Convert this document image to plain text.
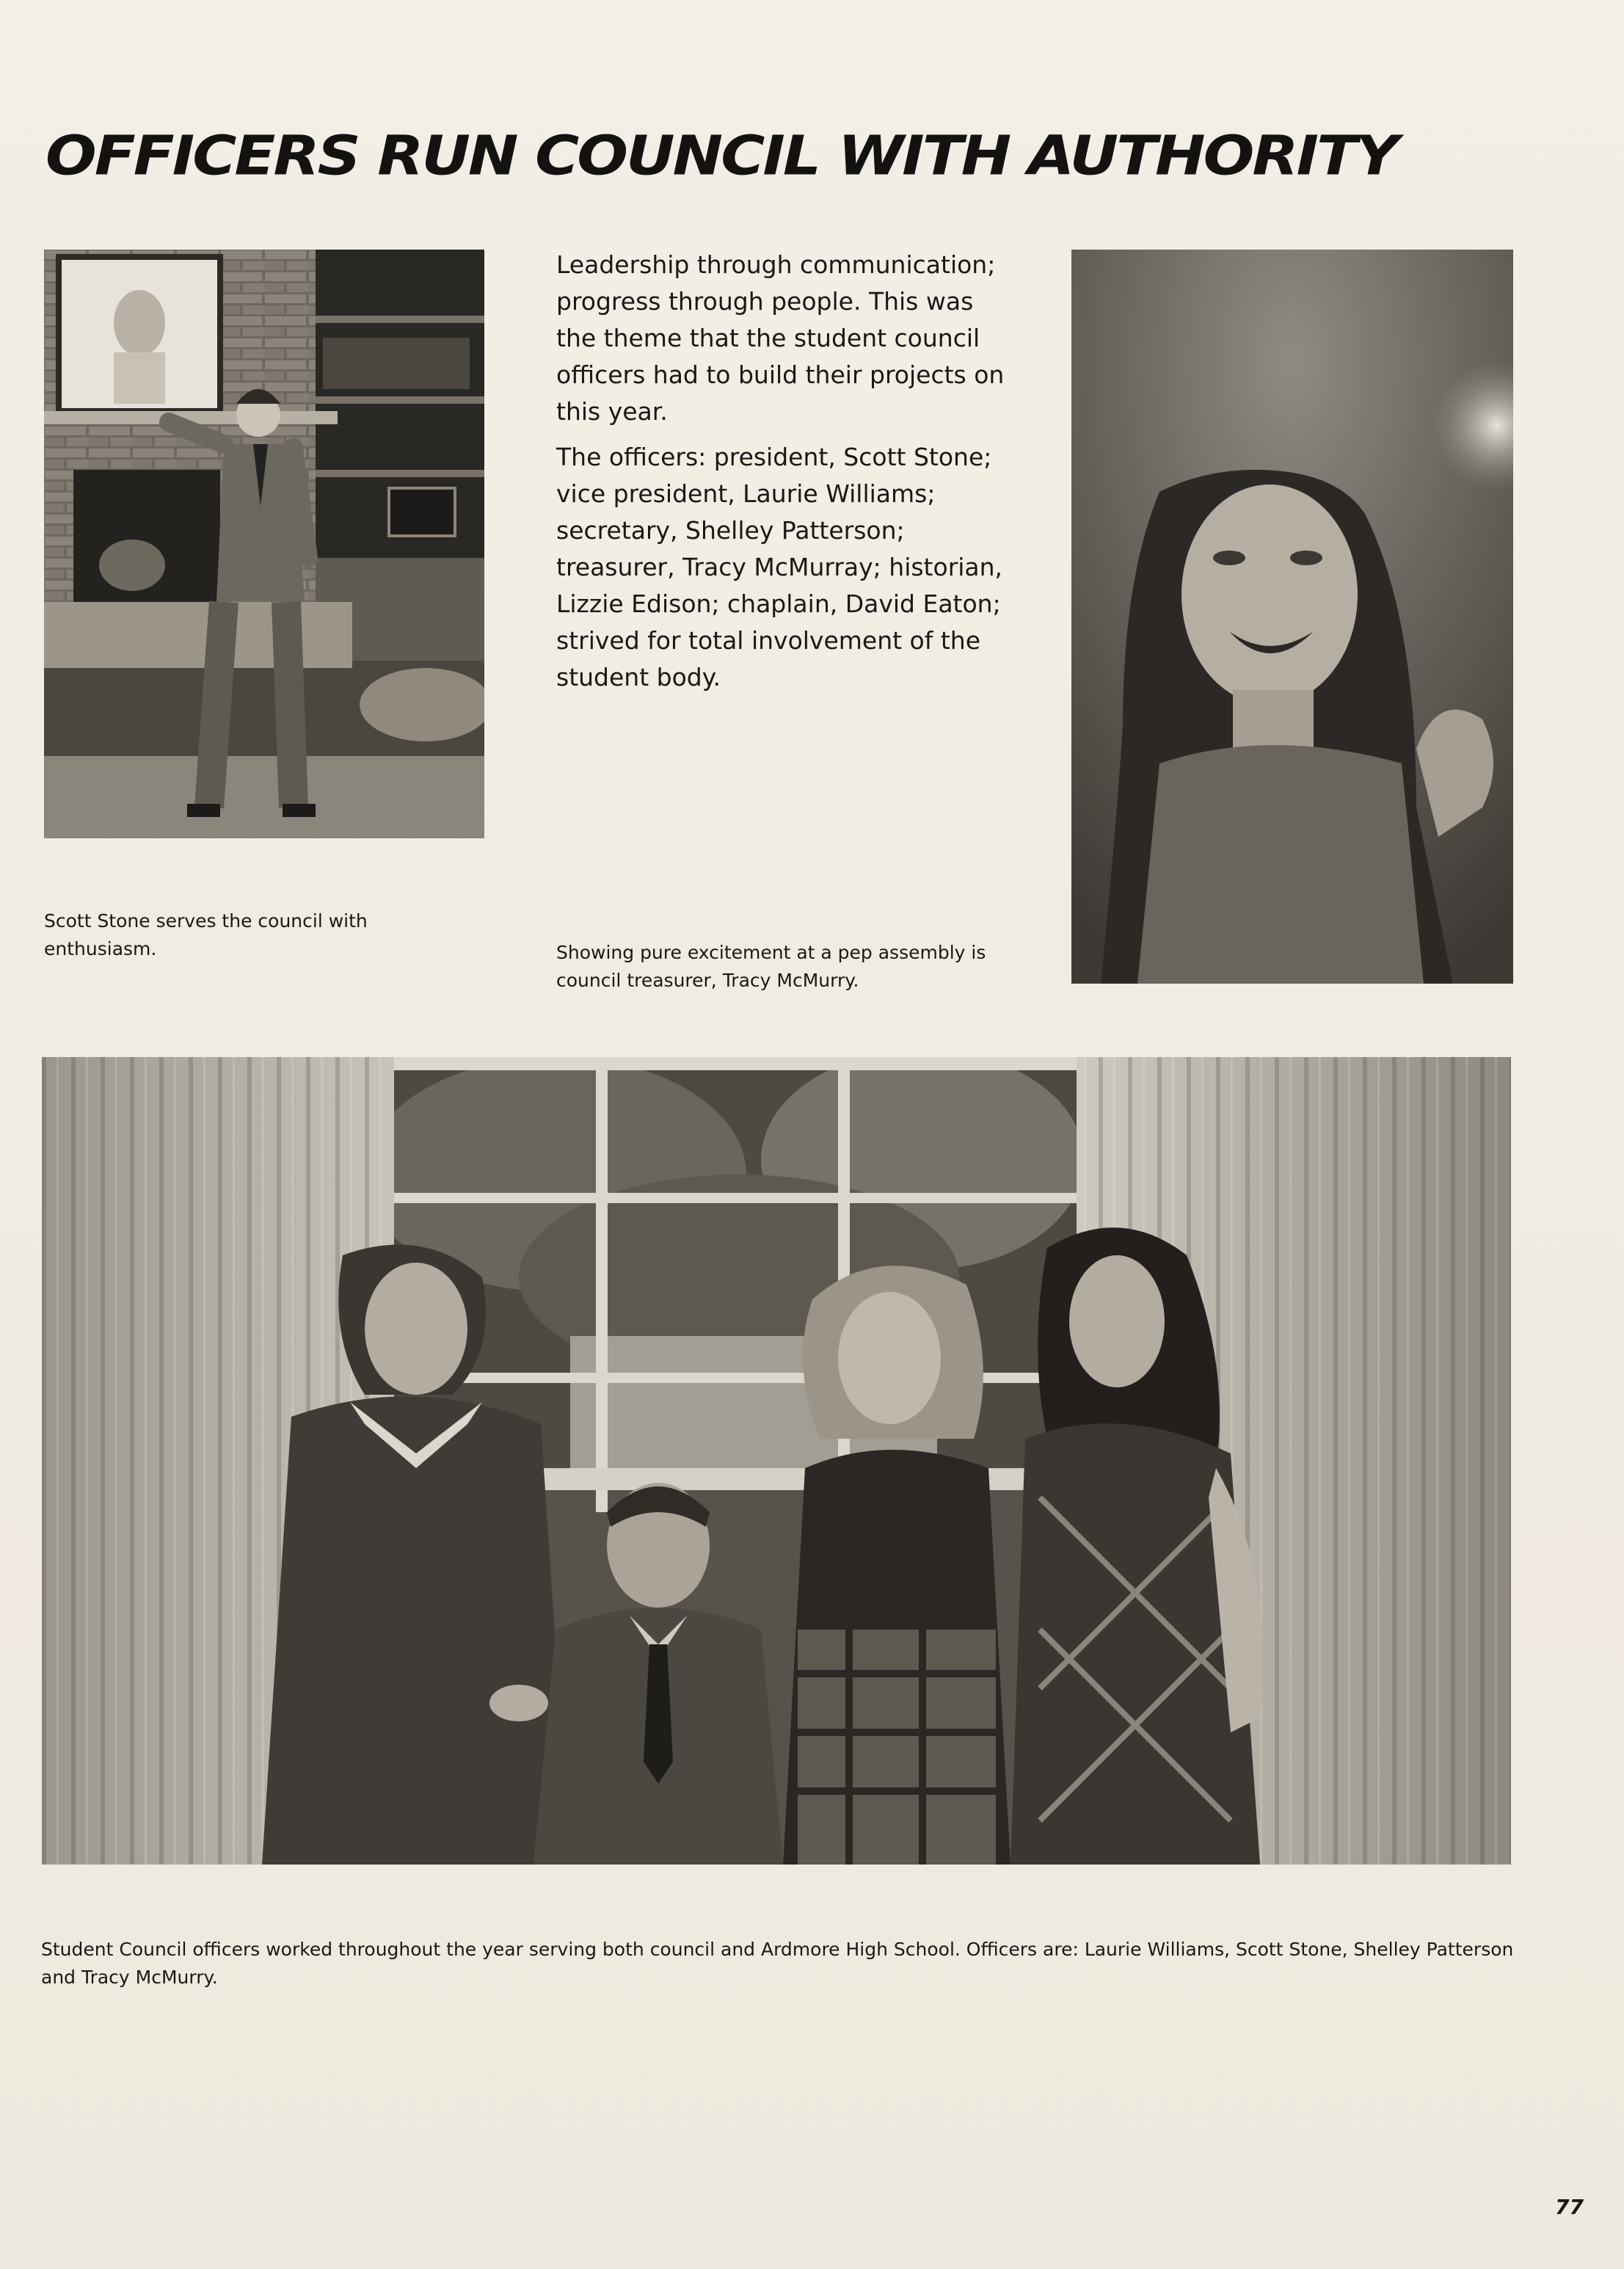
OFFICERS RUN COUNCIL WITH AUTHORITY

Leadership through communication; progress through people. This was the theme that the student council officers had to build their projects on this year.

The officers: president, Scott Stone; vice president, Laurie Williams; secretary, Shelley Patterson; treasurer, Tracy McMurray; historian, Lizzie Edison; chaplain, David Eaton; strived for total involvement of the student body.

Scott Stone serves the council with enthusiasm.	Showing pure excitement at a pep assembly is council treasurer, Tracy McMurry.
Student Council officers worked throughout the year serving both council and Ardmore High School. Officers are: Laurie Williams, Scott Stone, Shelley Patterson and Tracy McMurry.
77
